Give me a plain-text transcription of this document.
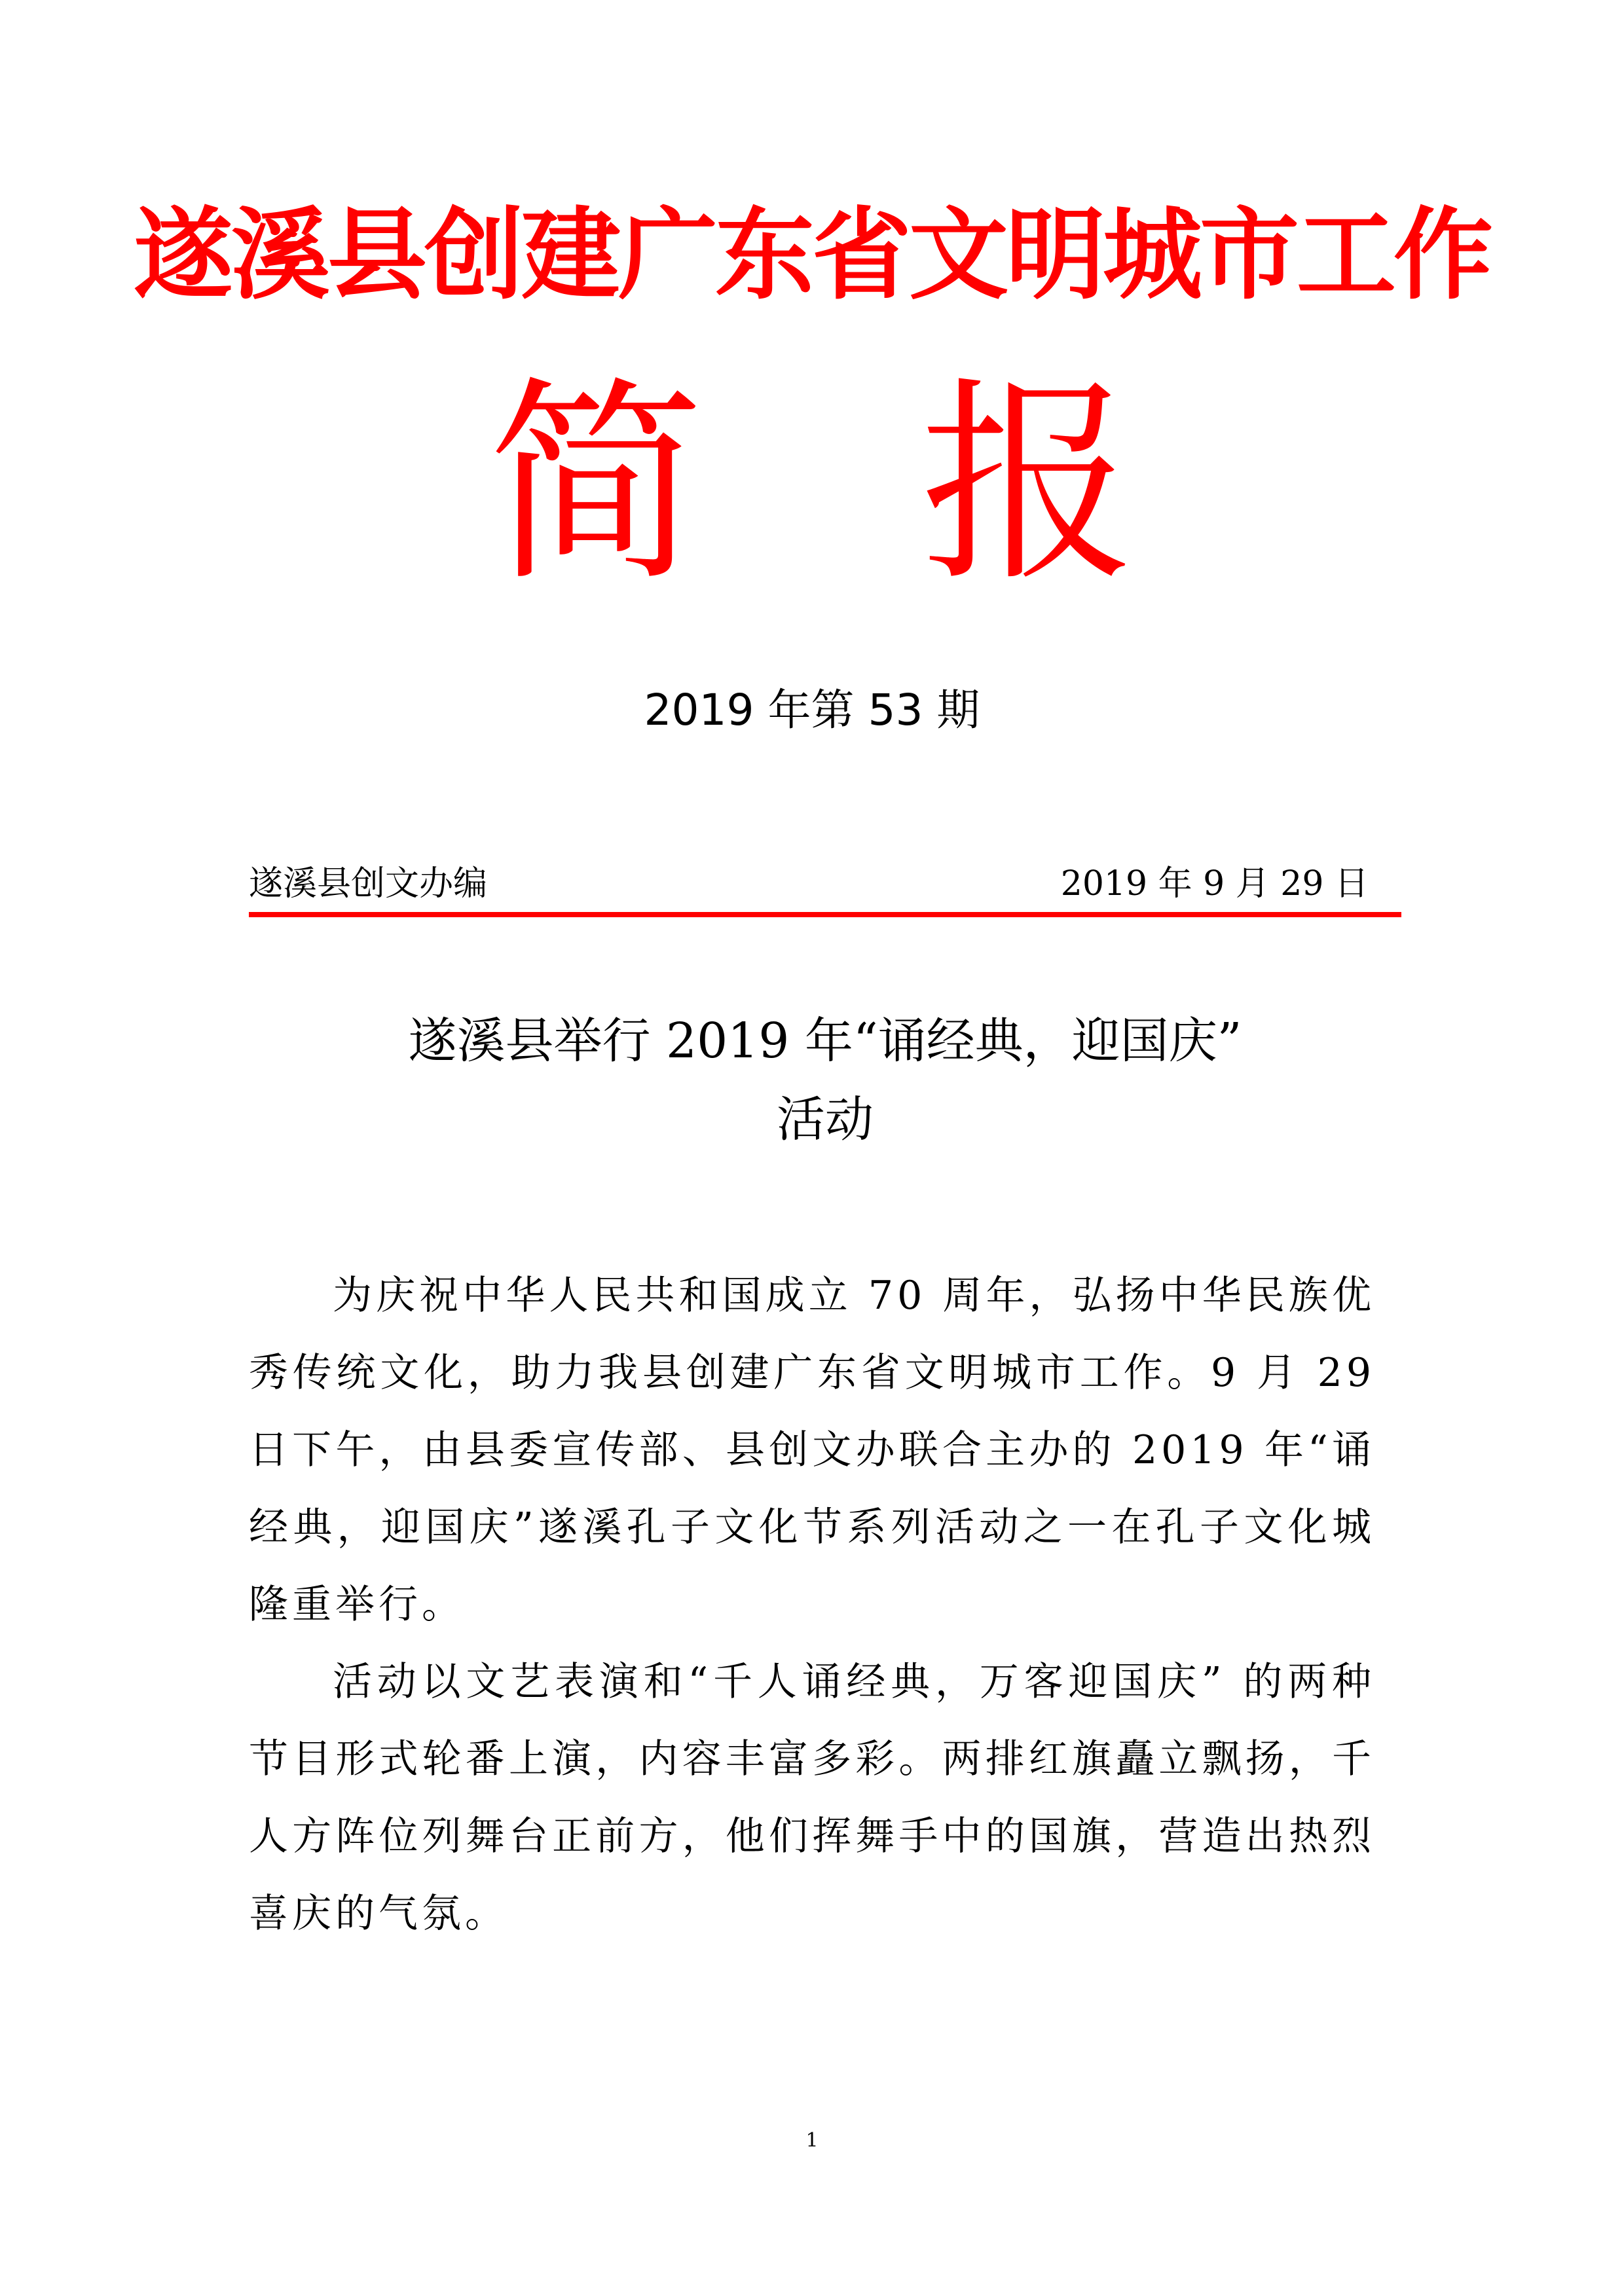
遂溪县创建广东省文明城市工作
简 报
2019 年第 53 期
遂溪县创文办编	2019 年 9 月 29 日
遂溪县举行 2019 年“诵经典，迎国庆”
活动

为庆祝中华人民共和国成立 70 周年，弘扬中华民族优秀传统文化，助力我县创建广东省文明城市工作。9 月 29 日下午，由县委宣传部、县创文办联合主办的 2019 年“诵经典，迎国庆”遂溪孔子文化节系列活动之一在孔子文化城隆重举行。

活动以文艺表演和“千人诵经典，万客迎国庆” 的两种节目形式轮番上演，内容丰富多彩。两排红旗矗立飘扬，千人方阵位列舞台正前方，他们挥舞手中的国旗，营造出热烈喜庆的气氛。

1
